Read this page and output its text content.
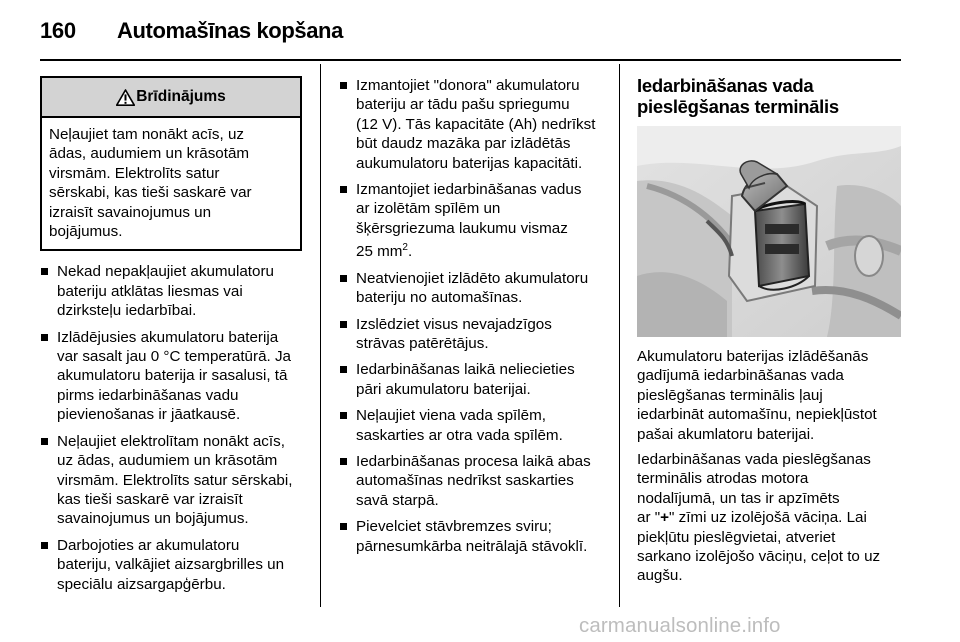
160 Automašīnas kopšana
Brīdinājums
Neļaujiet tam nonākt acīs, uz
ādas, audumiem un krāsotām
virsmām. Elektrolīts satur
sērskabi, kas tieši saskarē var
izraisīt savainojumus un
bojājumus.
Nekad nepakļaujiet akumulatoru
bateriju atklātas liesmas vai
dzirksteļu iedarbībai.
Izlādējusies akumulatoru baterija
var sasalt jau 0 °C temperatūrā. Ja
akumulatoru baterija ir sasalusi, tā
pirms iedarbināšanas vadu
pievienošanas ir jāatkausē.
Neļaujiet elektrolītam nonākt acīs,
uz ādas, audumiem un krāsotām
virsmām. Elektrolīts satur sērskabi,
kas tieši saskarē var izraisīt
savainojumus un bojājumus.
Darbojoties ar akumulatoru
bateriju, valkājiet aizsargbrilles un
speciālu aizsargapģērbu.
Izmantojiet "donora" akumulatoru
bateriju ar tādu pašu spriegumu
(12 V). Tās kapacitāte (Ah) nedrīkst
būt daudz mazāka par izlādētās
aukumulatoru baterijas kapacitāti.
Izmantojiet iedarbināšanas vadus
ar izolētām spīlēm un
šķērsgriezuma laukumu vismaz
25 $mm^2$.
Neatvienojiet izlādēto akumulatoru
bateriju no automašīnas.
Izslēdziet visus nevajadzīgos
strāvas patērētājus.
Iedarbināšanas laikā neliecieties
pāri akumulatoru baterijai.
Neļaujiet viena vada spīlēm,
saskarties ar otra vada spīlēm.
Iedarbināšanas procesa laikā abas
automašīnas nedrīkst saskarties
savā starpā.
Pievelciet stāvbremzes sviru;
pārnesumkārba neitrālajā stāvoklī.
Iedarbināšanas vada
pieslēgšanas terminālis

Akumulatoru baterijas izlādēšanās
gadījumā iedarbināšanas vada
pieslēgšanas terminālis ļauj
iedarbināt automašīnu, nepiekļūstot
pašai akumlatoru baterijai.

Iedarbināšanas vada pieslēgšanas
terminālis atrodas motora
nodalījumā, un tas ir apzīmēts
ar "+" zīmi uz izolējošā vāciņa. Lai
piekļūtu pieslēgvietai, atveriet
sarkano izolējošo vāciņu, ceļot to uz
augšu.

carmanualsonline.info
